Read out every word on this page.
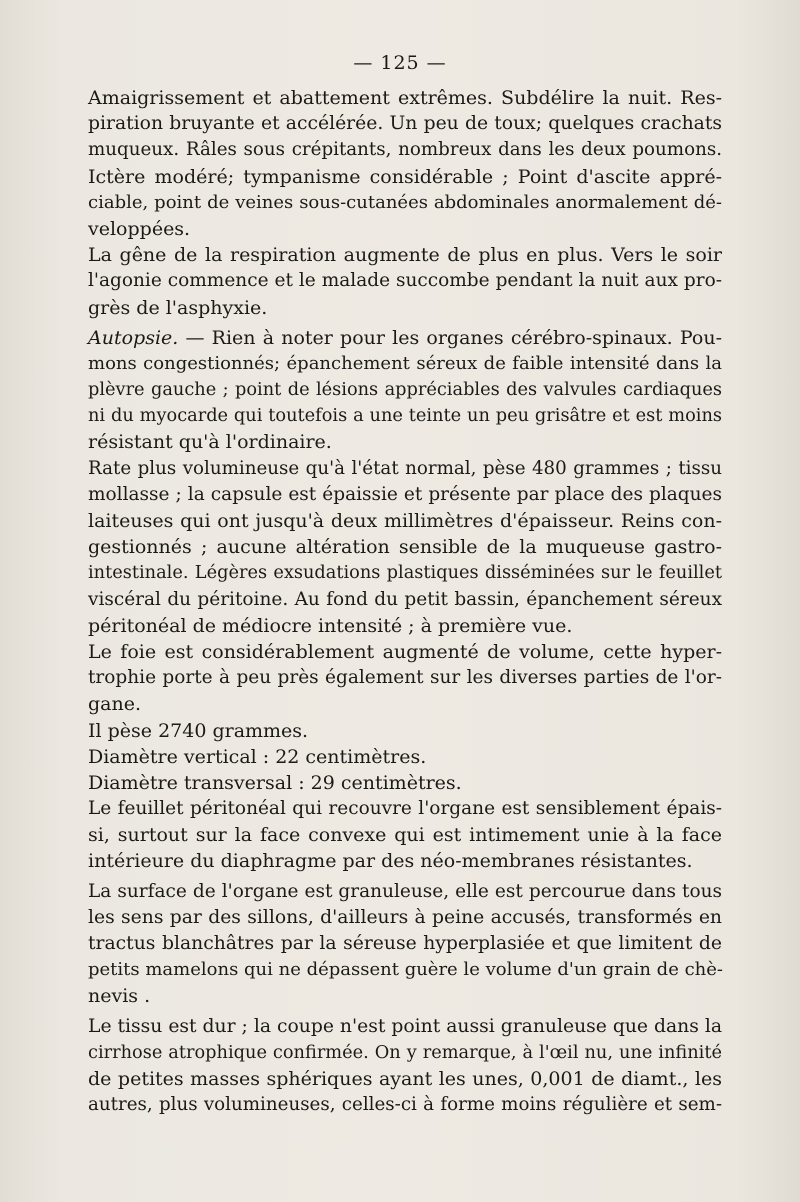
— 125 —
Amaigrissement et abattement extrêmes. Subdélire la nuit. Res-
piration bruyante et accélérée. Un peu de toux; quelques crachats
muqueux. Râles sous crépitants, nombreux dans les deux poumons.
Ictère modéré; tympanisme considérable ; Point d'ascite appré-
ciable, point de veines sous-cutanées abdominales anormalement dé-
veloppées.
La gêne de la respiration augmente de plus en plus. Vers le soir
l'agonie commence et le malade succombe pendant la nuit aux pro-
grès de l'asphyxie.
Autopsie. — Rien à noter pour les organes cérébro-spinaux. Pou-
mons congestionnés; épanchement séreux de faible intensité dans la
plèvre gauche ; point de lésions appréciables des valvules cardiaques
ni du myocarde qui toutefois a une teinte un peu grisâtre et est moins
résistant qu'à l'ordinaire.
Rate plus volumineuse qu'à l'état normal, pèse 480 grammes ; tissu
mollasse ; la capsule est épaissie et présente par place des plaques
laiteuses qui ont jusqu'à deux millimètres d'épaisseur. Reins con-
gestionnés ; aucune altération sensible de la muqueuse gastro-
intestinale. Légères exsudations plastiques disséminées sur le feuillet
viscéral du péritoine. Au fond du petit bassin, épanchement séreux
péritonéal de médiocre intensité ; à première vue.
Le foie est considérablement augmenté de volume, cette hyper-
trophie porte à peu près également sur les diverses parties de l'or-
gane.
Il pèse 2740 grammes.
Diamètre vertical : 22 centimètres.
Diamètre transversal : 29 centimètres.
Le feuillet péritonéal qui recouvre l'organe est sensiblement épais-
si, surtout sur la face convexe qui est intimement unie à la face
intérieure du diaphragme par des néo-membranes résistantes.
La surface de l'organe est granuleuse, elle est percourue dans tous
les sens par des sillons, d'ailleurs à peine accusés, transformés en
tractus blanchâtres par la séreuse hyperplasiée et que limitent de
petits mamelons qui ne dépassent guère le volume d'un grain de chè-
nevis .
Le tissu est dur ; la coupe n'est point aussi granuleuse que dans la
cirrhose atrophique confirmée. On y remarque, à l'œil nu, une infinité
de petites masses sphériques ayant les unes, 0,001 de diamt., les
autres, plus volumineuses, celles-ci à forme moins régulière et sem-
